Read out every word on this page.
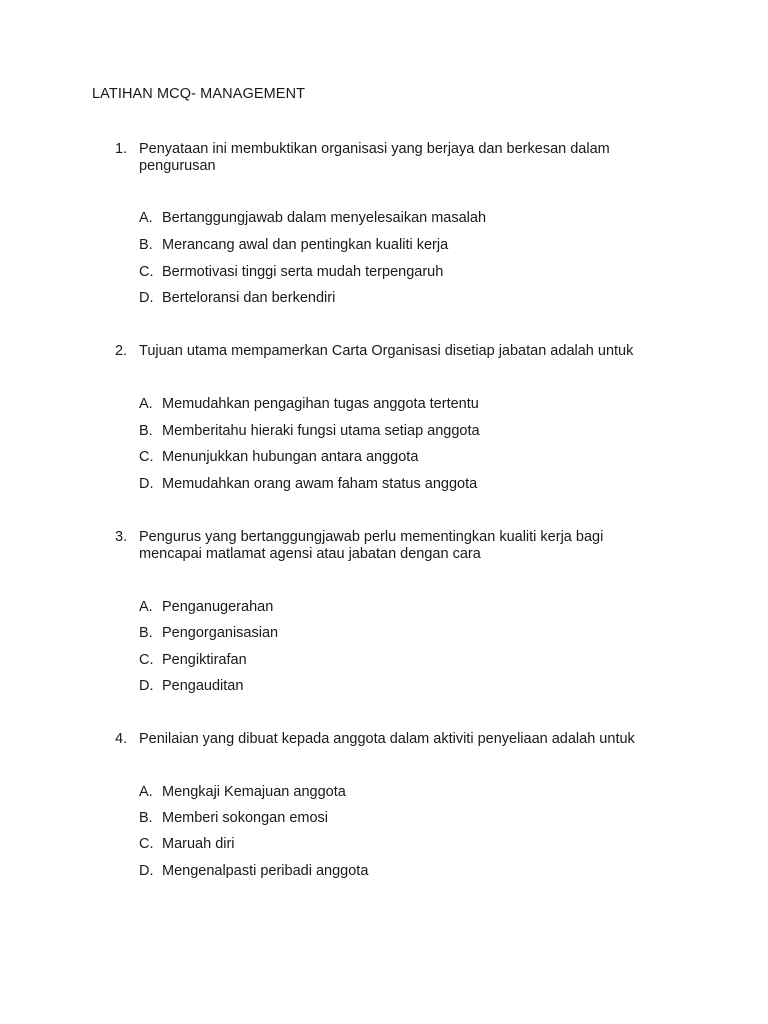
LATIHAN MCQ- MANAGEMENT
1. Penyataan ini membuktikan organisasi yang berjaya dan berkesan dalam pengurusan
A. Bertanggungjawab dalam menyelesaikan masalah
B. Merancang awal dan pentingkan kualiti kerja
C. Bermotivasi tinggi serta mudah terpengaruh
D. Berteloransi dan berkendiri
2. Tujuan utama mempamerkan Carta Organisasi disetiap jabatan adalah untuk
A. Memudahkan pengagihan tugas anggota tertentu
B. Memberitahu hieraki fungsi utama setiap anggota
C. Menunjukkan hubungan antara anggota
D. Memudahkan orang awam faham status anggota
3. Pengurus yang bertanggungjawab perlu mementingkan kualiti kerja bagi mencapai matlamat agensi atau jabatan dengan cara
A. Penganugerahan
B. Pengorganisasian
C. Pengiktirafan
D. Pengauditan
4. Penilaian yang dibuat kepada anggota dalam aktiviti penyeliaan adalah untuk
A. Mengkaji Kemajuan anggota
B. Memberi sokongan emosi
C. Maruah diri
D. Mengenalpasti peribadi anggota
